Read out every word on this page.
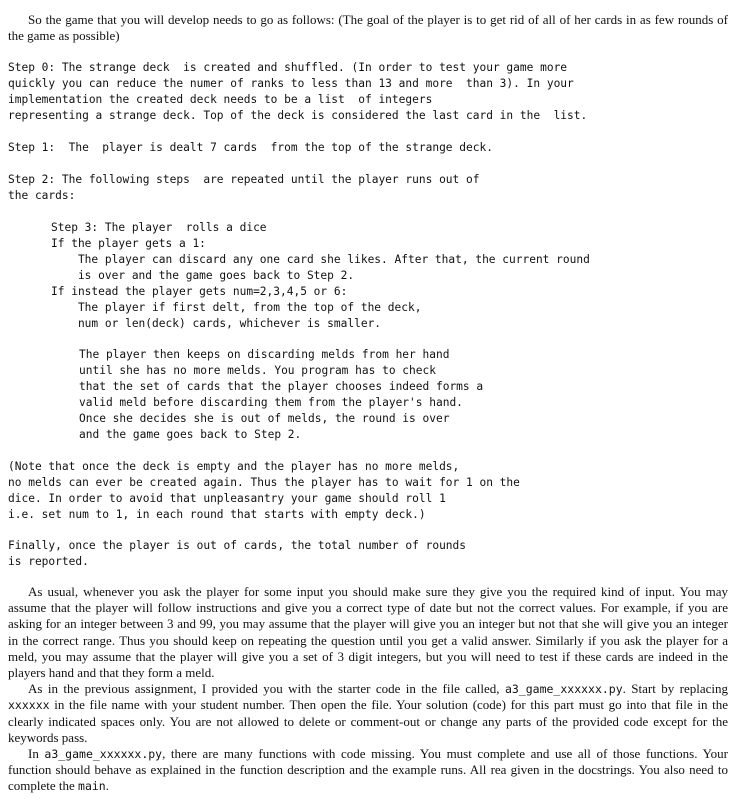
So the game that you will develop needs to go as follows: (The goal of the player is to get rid of all of her cards in as few rounds of the game as possible)

Step 0: The strange deck  is created and shuffled. (In order to test your game more
quickly you can reduce the numer of ranks to less than 13 and more  than 3). In your
implementation the created deck needs to be a list  of integers
representing a strange deck. Top of the deck is considered the last card in the  list.
Step 1:  The  player is dealt 7 cards  from the top of the strange deck.
Step 2: The following steps  are repeated until the player runs out of
the cards:
Step 3: The player  rolls a dice
If the player gets a 1:
The player can discard any one card she likes. After that, the current round
is over and the game goes back to Step 2.
If instead the player gets num=2,3,4,5 or 6:
The player if first delt, from the top of the deck,
num or len(deck) cards, whichever is smaller.
The player then keeps on discarding melds from her hand
until she has no more melds. You program has to check
that the set of cards that the player chooses indeed forms a
valid meld before discarding them from the player's hand.
Once she decides she is out of melds, the round is over
and the game goes back to Step 2.
(Note that once the deck is empty and the player has no more melds,
no melds can ever be created again. Thus the player has to wait for 1 on the
dice. In order to avoid that unpleasantry your game should roll 1
i.e. set num to 1, in each round that starts with empty deck.)
Finally, once the player is out of cards, the total number of rounds
is reported.

As usual, whenever you ask the player for some input you should make sure they give you the required kind of input. You may assume that the player will follow instructions and give you a correct type of date but not the correct values. For example, if you are asking for an integer between 3 and 99, you may assume that the player will give you an integer but not that she will give you an integer in the correct range. Thus you should keep on repeating the question until you get a valid answer. Similarly if you ask the player for a meld, you may assume that the player will give you a set of 3 digit integers, but you will need to test if these cards are indeed in the players hand and that they form a meld.

As in the previous assignment, I provided you with the starter code in the file called, a3_game_xxxxxx.py. Start by replacing xxxxxx in the file name with your student number. Then open the file. Your solution (code) for this part must go into that file in the clearly indicated spaces only. You are not allowed to delete or comment-out or change any parts of the provided code except for the keywords pass.

In a3_game_xxxxxx.py, there are many functions with code missing. You must complete and use all of those functions. Your function should behave as explained in the function description and the example runs. All rea given in the docstrings. You also need to complete the main.
